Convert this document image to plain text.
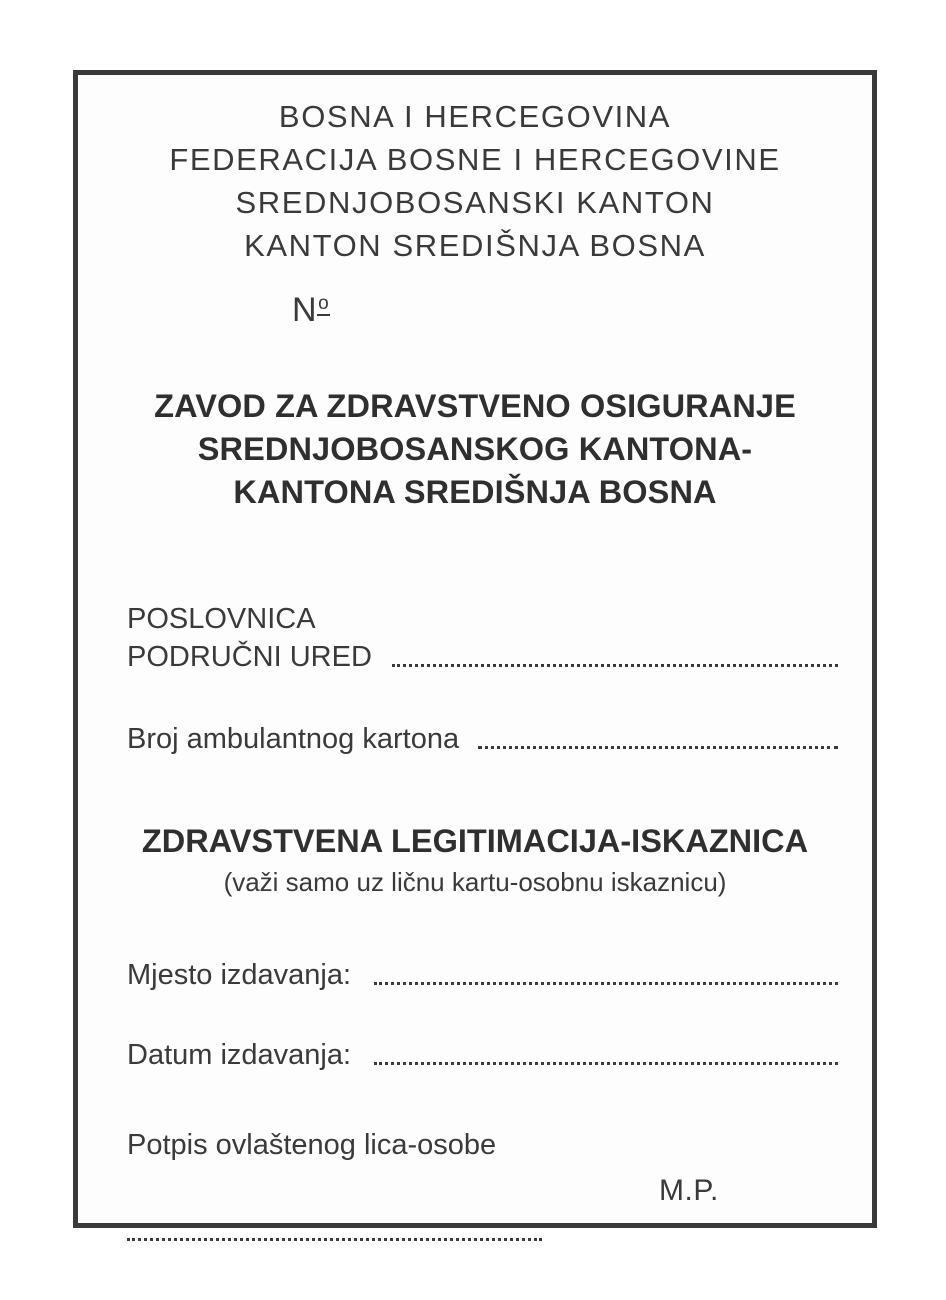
BOSNA I HERCEGOVINA
FEDERACIJA BOSNE I HERCEGOVINE
SREDNJOBOSANSKI KANTON
KANTON SREDIŠNJA BOSNA
$N^o$
ZAVOD ZA ZDRAVSTVENO OSIGURANJE
SREDNJOBOSANSKOG KANTONA-
KANTONA SREDIŠNJA BOSNA
POSLOVNICA
PODRUČNI URED
Broj ambulantnog kartona
ZDRAVSTVENA LEGITIMACIJA-ISKAZNICA
(važi samo uz ličnu kartu-osobnu iskaznicu)
Mjesto izdavanja:
Datum izdavanja:
Potpis ovlaštenog lica-osobe
M.P.
